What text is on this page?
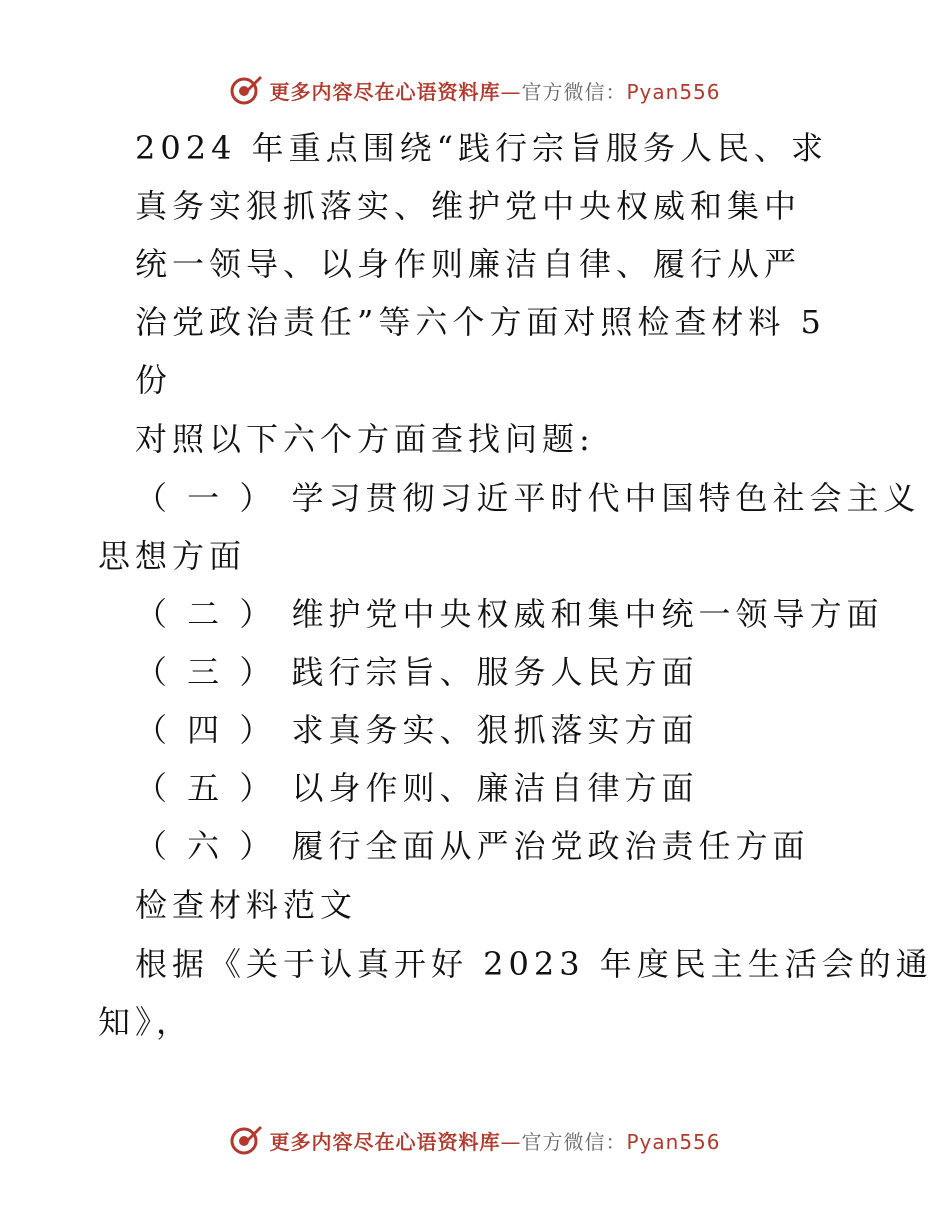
更多内容尽在心语资料库—官方微信：Pyan556
2024 年重点围绕“践行宗旨服务人民、求
真务实狠抓落实、维护党中央权威和集中
统一领导、以身作则廉洁自律、履行从严
治党政治责任”等六个方面对照检查材料 5
份
对照以下六个方面查找问题:
（ 一 ） 学习贯彻习近平时代中国特色社会主义
思想方面
（ 二 ） 维护党中央权威和集中统一领导方面
（ 三 ） 践行宗旨、服务人民方面
（ 四 ） 求真务实、狠抓落实方面
（ 五 ） 以身作则、廉洁自律方面
（ 六 ） 履行全面从严治党政治责任方面
检查材料范文
根据《关于认真开好 2023 年度民主生活会的通
知》，
更多内容尽在心语资料库—官方微信：Pyan556
